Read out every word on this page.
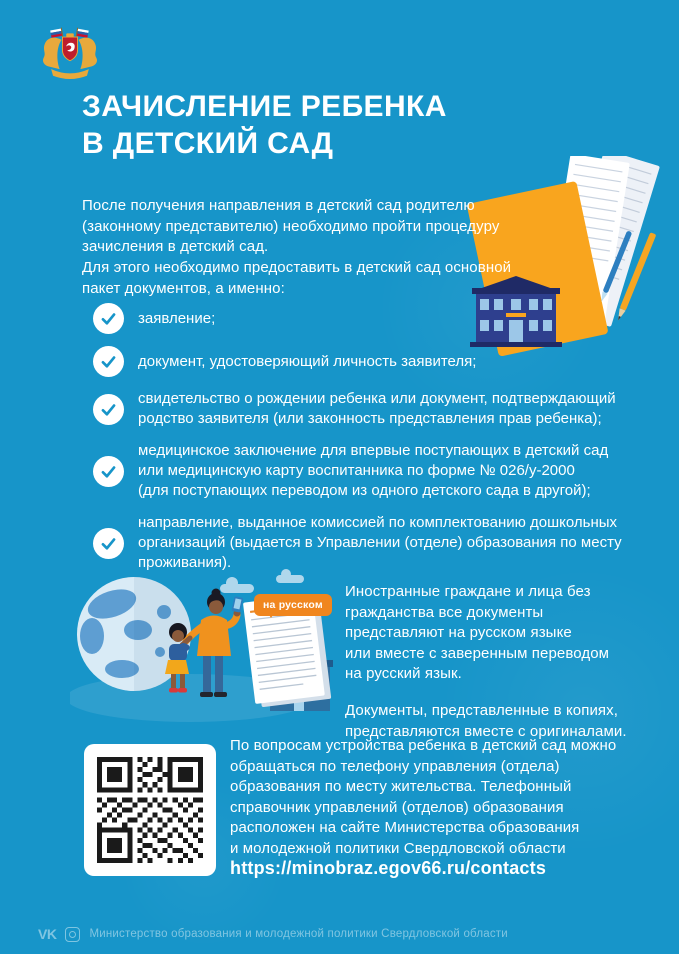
ЗАЧИСЛЕНИЕ РЕБЕНКА
В ДЕТСКИЙ САД
После получения направления в детский сад родителю
(законному представителю) необходимо пройти процедуру
зачисления в детский сад.
Для этого необходимо предоставить в детский сад основной
пакет документов, а именно:
заявление;
документ, удостоверяющий личность заявителя;
свидетельство о рождении ребенка или документ, подтверждающий
родство заявителя (или законность представления прав ребенка);
медицинское заключение для впервые поступающих в детский сад
или медицинскую карту воспитанника по форме № 026/у-2000
(для поступающих переводом из одного детского сада в другой);
направление, выданное комиссией по комплектованию дошкольных
организаций (выдается в Управлении (отделе) образования по месту
проживания).
на русском
Иностранные граждане и лица без
гражданства все документы
представляют на русском языке
или вместе с заверенным переводом
на русский язык.
Документы, представленные в копиях,
представляются вместе с оригиналами.
По вопросам устройства ребенка в детский сад можно
обращаться по телефону управления (отдела)
образования по месту жительства. Телефонный
справочник управлений (отделов) образования
расположен на сайте Министерства образования
и молодежной политики Свердловской области
https://minobraz.egov66.ru/contacts
VK	Министерство образования и молодежной политики Свердловской области
